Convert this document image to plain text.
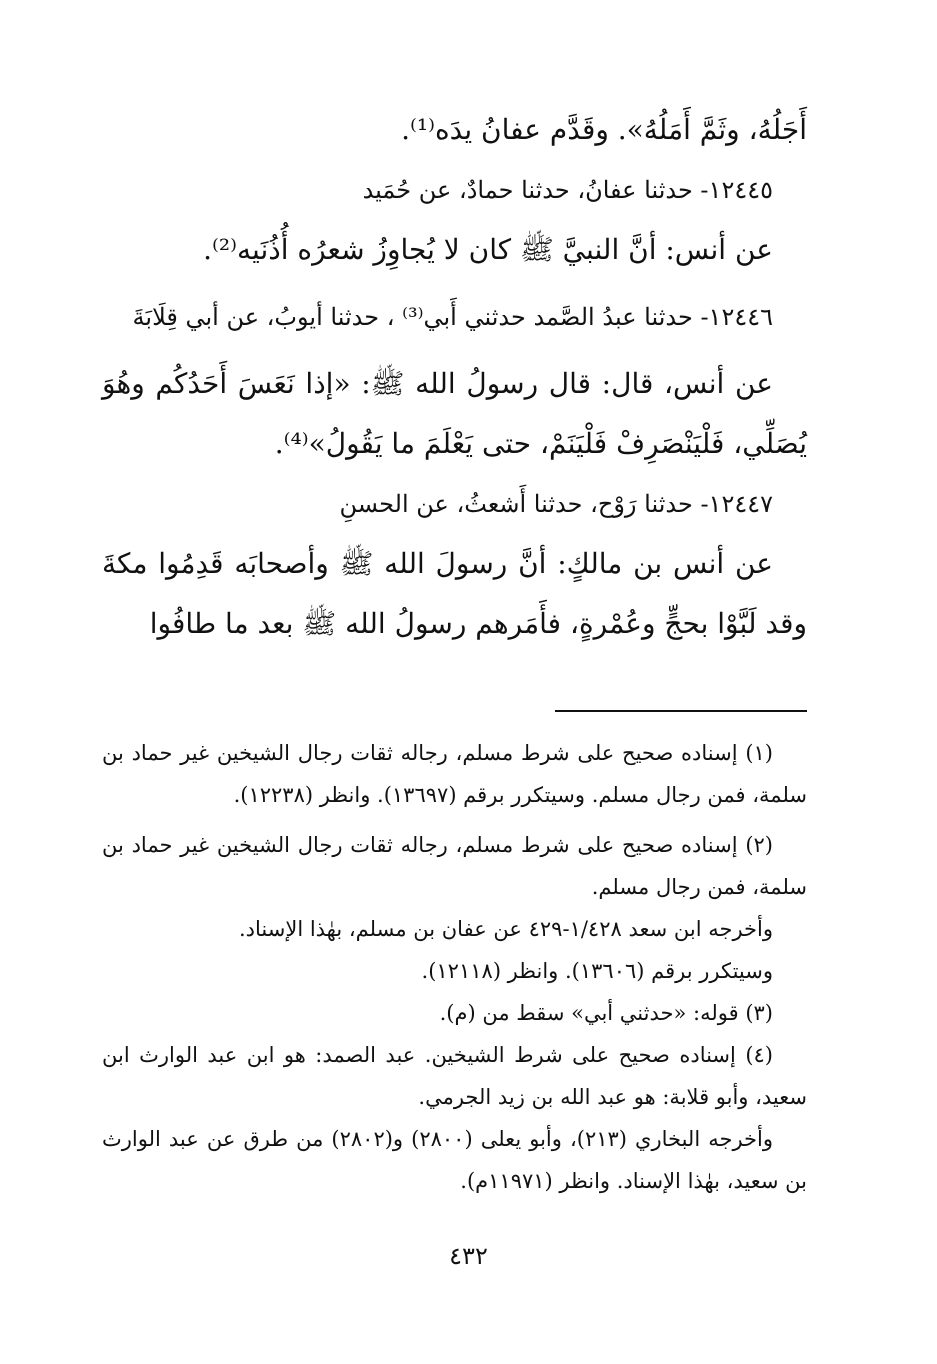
أَجَلُهُ، وثَمَّ أَمَلُهُ». وقَدَّم عفانُ يدَه⁽¹⁾.

١٢٤٤٥- حدثنا عفانُ، حدثنا حمادٌ، عن حُمَيد

عن أنس: أنَّ النبيَّ ﷺ كان لا يُجاوِزُ شعرُه أُذُنَيه⁽²⁾.

١٢٤٤٦- حدثنا عبدُ الصَّمد حدثني أَبي⁽³⁾ ، حدثنا أيوبُ، عن أبي قِلَابَةَ

عن أنس، قال: قال رسولُ الله ﷺ: «إذا نَعَسَ أَحَدُكُم وهُوَ يُصَلِّي، فَلْيَنْصَرِفْ فَلْيَنَمْ، حتى يَعْلَمَ ما يَقُولُ»⁽⁴⁾.

١٢٤٤٧- حدثنا رَوْح، حدثنا أَشعثُ، عن الحسنِ

عن أنس بن مالكٍ: أنَّ رسولَ الله ﷺ وأصحابَه قَدِمُوا مكةَ وقد لَبَّوْا بحجٍّ وعُمْرةٍ، فأَمَرهم رسولُ الله ﷺ بعد ما طافُوا

(١) إسناده صحيح على شرط مسلم، رجاله ثقات رجال الشيخين غير حماد بن سلمة، فمن رجال مسلم. وسيتكرر برقم (١٣٦٩٧). وانظر (١٢٢٣٨).

(٢) إسناده صحيح على شرط مسلم، رجاله ثقات رجال الشيخين غير حماد بن سلمة، فمن رجال مسلم.

وأخرجه ابن سعد ١/٤٢٨-٤٢٩ عن عفان بن مسلم، بهٰذا الإسناد.

وسيتكرر برقم (١٣٦٠٦). وانظر (١٢١١٨).

(٣) قوله: «حدثني أبي» سقط من (م).

(٤) إسناده صحيح على شرط الشيخين. عبد الصمد: هو ابن عبد الوارث ابن سعيد، وأبو قلابة: هو عبد الله بن زيد الجرمي.

وأخرجه البخاري (٢١٣)، وأبو يعلى (٢٨٠٠) و(٢٨٠٢) من طرق عن عبد الوارث بن سعيد، بهٰذا الإسناد. وانظر (١١٩٧١م).

٤٣٢
